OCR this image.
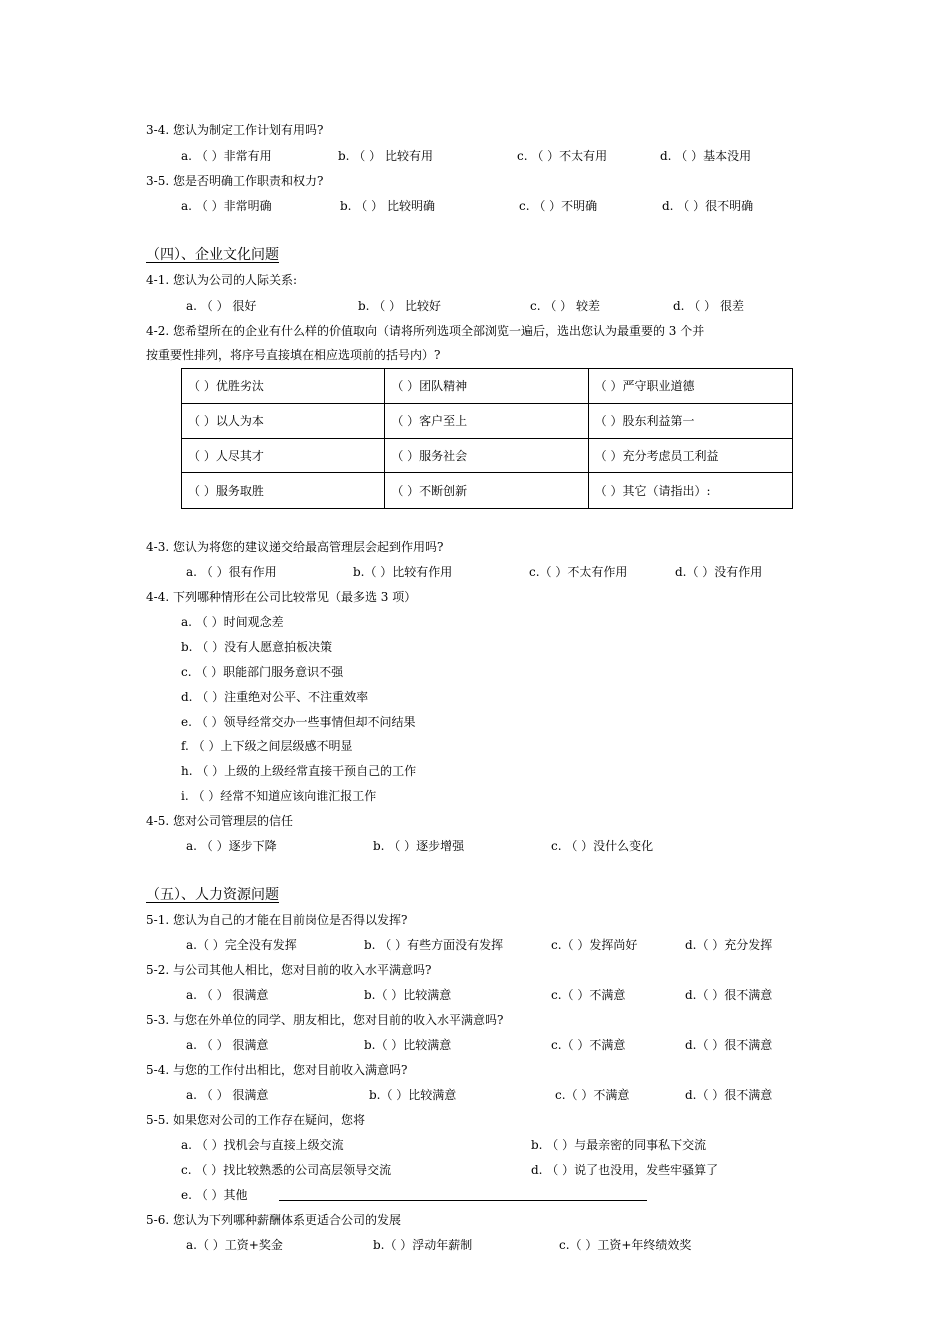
3-4. 您认为制定工作计划有用吗?
a. （ ）非常有用	b. （ ） 比较有用	c. （ ）不太有用	d. （ ）基本没用
3-5. 您是否明确工作职责和权力?
a. （ ）非常明确	b. （ ） 比较明确	c. （ ）不明确	d. （ ）很不明确
（四）、企业文化问题
4-1. 您认为公司的人际关系:
a. （ ） 很好	b. （ ） 比较好	c. （ ） 较差	d. （ ） 很差
4-2. 您希望所在的企业有什么样的价值取向（请将所列选项全部浏览一遍后，选出您认为最重要的 3 个并
按重要性排列，将序号直接填在相应选项前的括号内）?
（ ）优胜劣汰	（ ）团队精神	（ ）严守职业道德
（ ）以人为本	（ ）客户至上	（ ）股东利益第一
（ ）人尽其才	（ ）服务社会	（ ）充分考虑员工利益
（ ）服务取胜	（ ）不断创新	（ ）其它（请指出）:
4-3. 您认为将您的建议递交给最高管理层会起到作用吗?
a. （ ）很有作用	b.（ ）比较有作用	c.（ ）不太有作用	d.（ ）没有作用
4-4. 下列哪种情形在公司比较常见（最多选 3 项）
a. （ ）时间观念差
b. （ ）没有人愿意拍板决策
c. （ ）职能部门服务意识不强
d. （ ）注重绝对公平、不注重效率
e. （ ）领导经常交办一些事情但却不问结果
f. （ ）上下级之间层级感不明显
h. （ ）上级的上级经常直接干预自己的工作
i. （ ）经常不知道应该向谁汇报工作
4-5. 您对公司管理层的信任
a. （ ）逐步下降	b. （ ）逐步增强	c. （ ）没什么变化
（五）、人力资源问题
5-1. 您认为自己的才能在目前岗位是否得以发挥?
a.（ ）完全没有发挥	b. （ ）有些方面没有发挥	c.（ ）发挥尚好	d.（ ）充分发挥
5-2. 与公司其他人相比，您对目前的收入水平满意吗?
a. （ ） 很满意	b.（ ）比较满意	c.（ ）不满意	d.（ ）很不满意
5-3. 与您在外单位的同学、朋友相比，您对目前的收入水平满意吗?
a. （ ） 很满意	b.（ ）比较满意	c.（ ）不满意	d.（ ）很不满意
5-4. 与您的工作付出相比，您对目前收入满意吗?
a. （ ） 很满意	b.（ ）比较满意	c.（ ）不满意	d.（ ）很不满意
5-5. 如果您对公司的工作存在疑问，您将
a. （ ）找机会与直接上级交流	b. （ ）与最亲密的同事私下交流
c. （ ）找比较熟悉的公司高层领导交流	d. （ ）说了也没用，发些牢骚算了
e. （ ）其他
5-6. 您认为下列哪种薪酬体系更适合公司的发展
a.（ ）工资+奖金	b.（ ）浮动年薪制	c.（ ）工资+年终绩效奖
